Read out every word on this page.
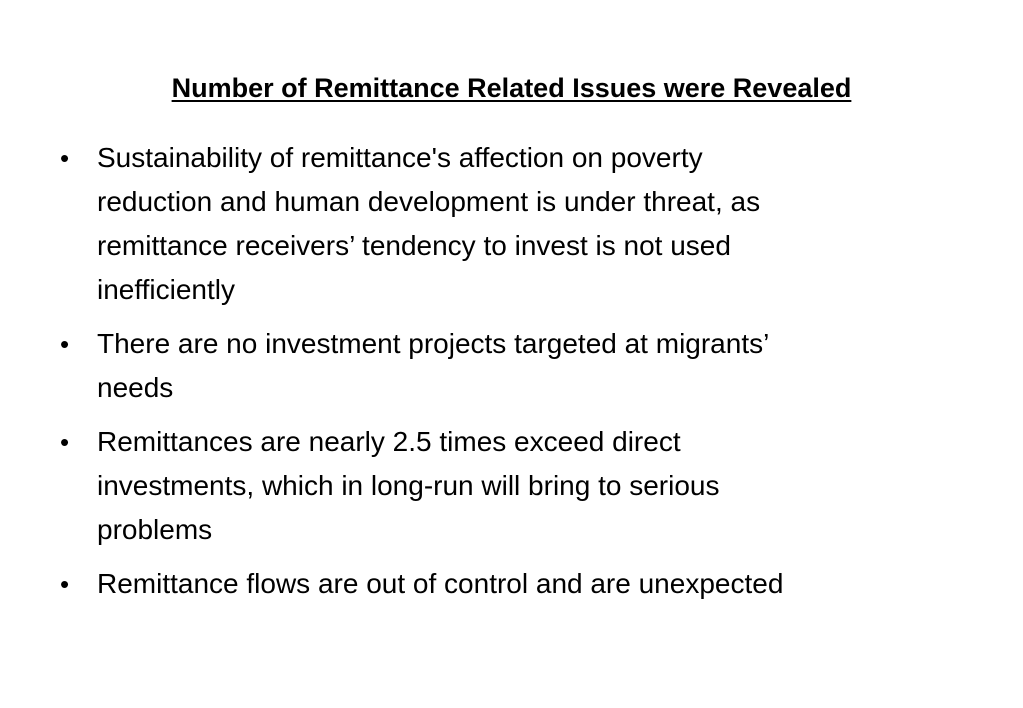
Number of Remittance Related Issues were Revealed
• Sustainability of remittance's affection on poverty
reduction and human development is under threat, as
remittance receivers’ tendency to invest is not used
inefficiently
• There are no investment projects targeted at migrants’
needs
• Remittances are nearly 2.5 times exceed direct
investments, which in long-run will bring to serious
problems
• Remittance flows are out of control and are unexpected
